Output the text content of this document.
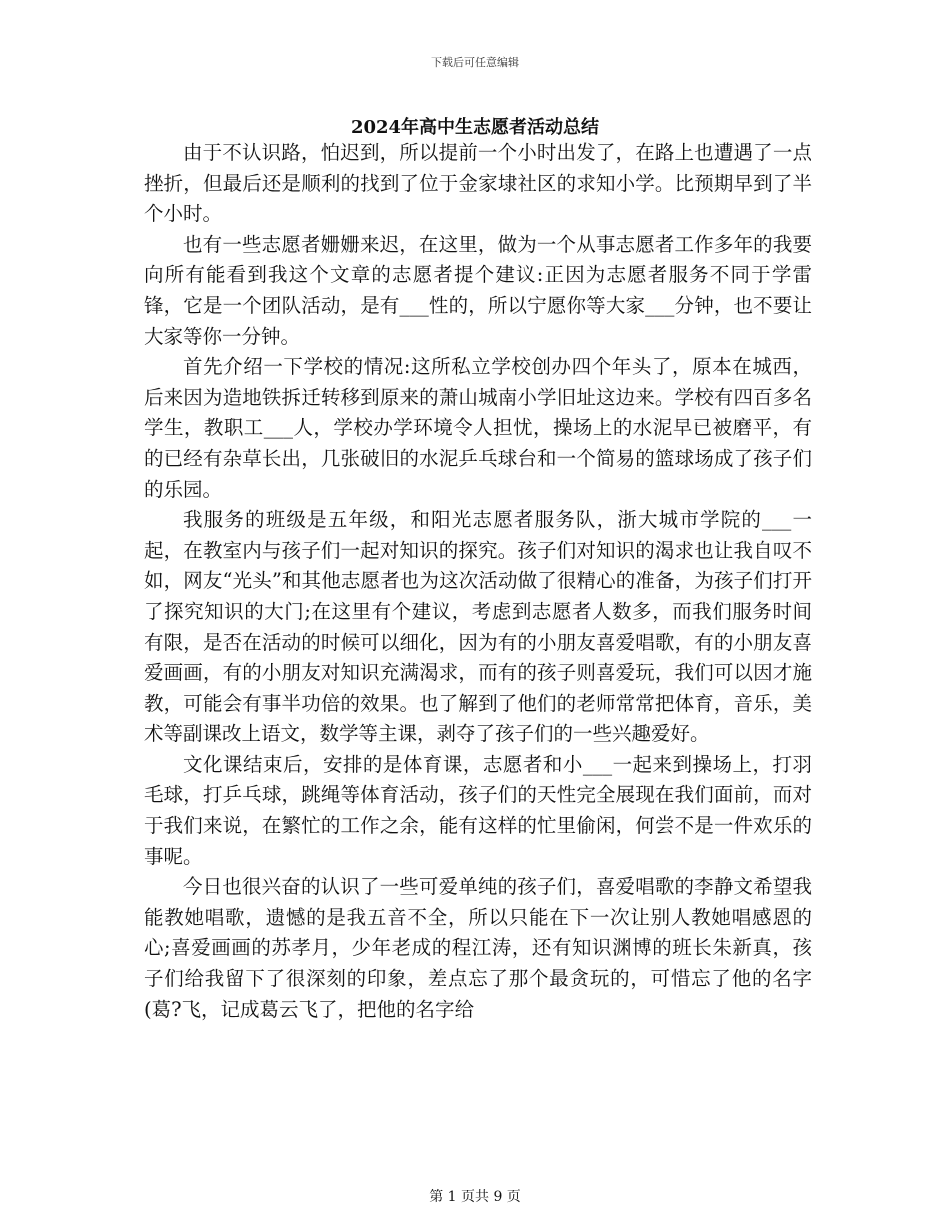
下载后可任意编辑
2024年高中生志愿者活动总结

由于不认识路，怕迟到，所以提前一个小时出发了，在路上也遭遇了一点挫折，但最后还是顺利的找到了位于金家埭社区的求知小学。比预期早到了半个小时。

也有一些志愿者姗姗来迟，在这里，做为一个从事志愿者工作多年的我要向所有能看到我这个文章的志愿者提个建议:正因为志愿者服务不同于学雷锋，它是一个团队活动，是有___性的，所以宁愿你等大家___分钟，也不要让大家等你一分钟。

首先介绍一下学校的情况:这所私立学校创办四个年头了，原本在城西，后来因为造地铁拆迁转移到原来的萧山城南小学旧址这边来。学校有四百多名学生，教职工___人，学校办学环境令人担忧，操场上的水泥早已被磨平，有的已经有杂草长出，几张破旧的水泥乒乓球台和一个简易的篮球场成了孩子们的乐园。

我服务的班级是五年级，和阳光志愿者服务队，浙大城市学院的___一起，在教室内与孩子们一起对知识的探究。孩子们对知识的渴求也让我自叹不如，网友“光头”和其他志愿者也为这次活动做了很精心的准备，为孩子们打开了探究知识的大门;在这里有个建议，考虑到志愿者人数多，而我们服务时间有限，是否在活动的时候可以细化，因为有的小朋友喜爱唱歌，有的小朋友喜爱画画，有的小朋友对知识充满渴求，而有的孩子则喜爱玩，我们可以因才施教，可能会有事半功倍的效果。也了解到了他们的老师常常把体育，音乐，美术等副课改上语文，数学等主课，剥夺了孩子们的一些兴趣爱好。

文化课结束后，安排的是体育课，志愿者和小___一起来到操场上，打羽毛球，打乒乓球，跳绳等体育活动，孩子们的天性完全展现在我们面前，而对于我们来说，在繁忙的工作之余，能有这样的忙里偷闲，何尝不是一件欢乐的事呢。

今日也很兴奋的认识了一些可爱单纯的孩子们，喜爱唱歌的李静文希望我能教她唱歌，遗憾的是我五音不全，所以只能在下一次让别人教她唱感恩的心;喜爱画画的苏孝月，少年老成的程江涛，还有知识渊博的班长朱新真，孩子们给我留下了很深刻的印象，差点忘了那个最贪玩的，可惜忘了他的名字(葛?飞，记成葛云飞了，把他的名字给

第 1 页共 9 页
